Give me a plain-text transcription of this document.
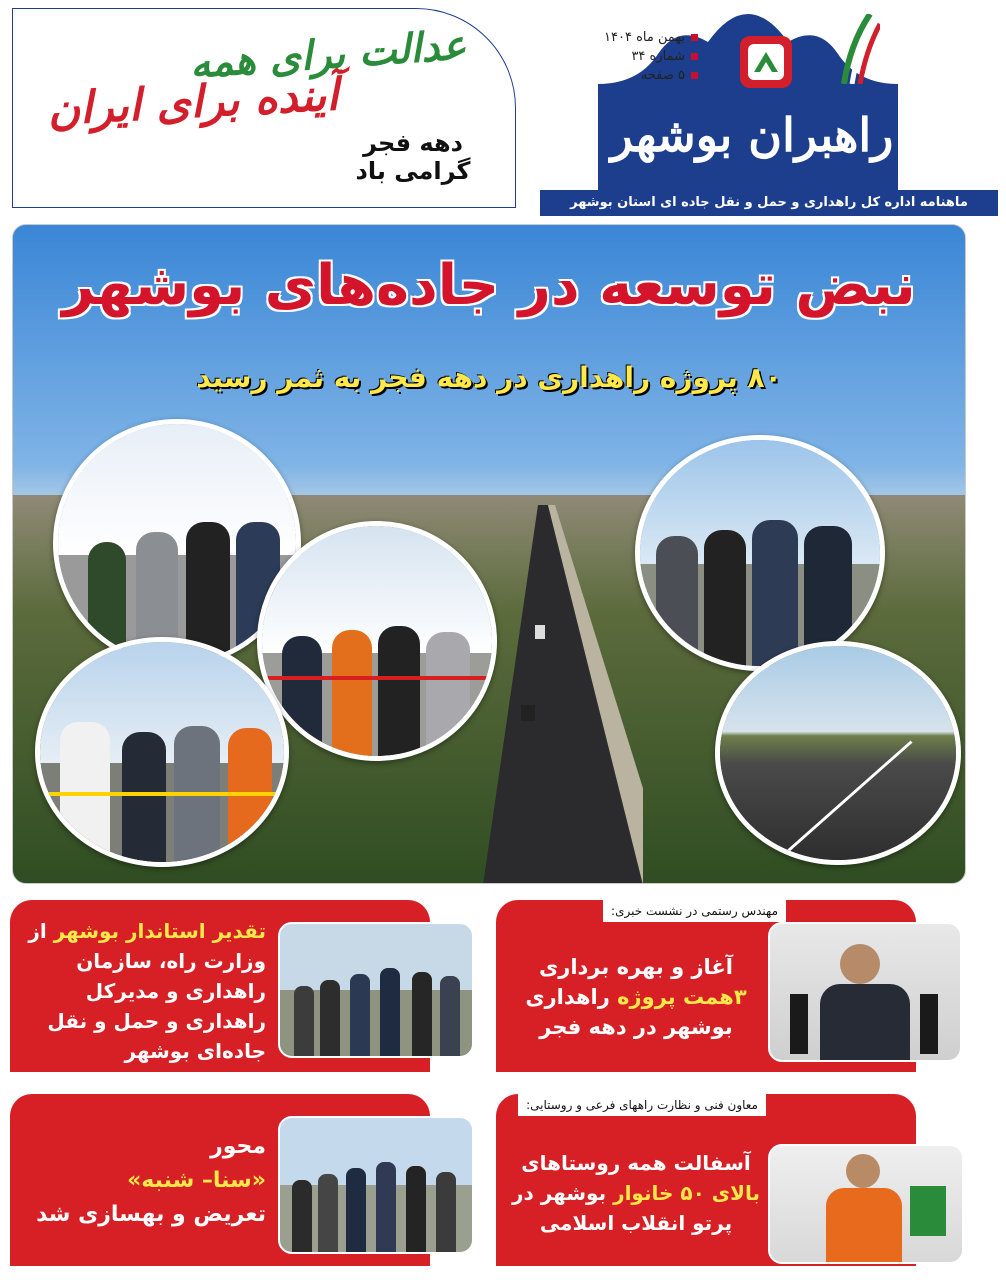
راهبران بوشهر
بهمن ماه ۱۴۰۴
شماره ۳۴
۵ صفحه
ماهنامه اداره کل راهداری و حمل و نقل جاده ای استان بوشهر
عدالت برای همه
آینده برای ایران
دهه فجر
گرامی باد
نبض توسعه در جاده‌های بوشهر
۸۰ پروژه راهداری در دهه فجر به ثمر رسید
مهندس رستمی در نشست خبری:
آغاز و بهره برداری ۳همت پروژه راهداری بوشهر در دهه فجر
تقدیر استاندار بوشهر از وزارت راه، سازمان راهداری و مدیرکل راهداری و حمل و نقل جاده‌ای بوشهر
معاون فنی و نظارت راههای فرعی و روستایی:
آسفالت همه روستاهای بالای ۵۰ خانوار بوشهر در پرتو انقلاب اسلامی
محور
«سنا– شنبه»
تعریض و بهسازی شد
